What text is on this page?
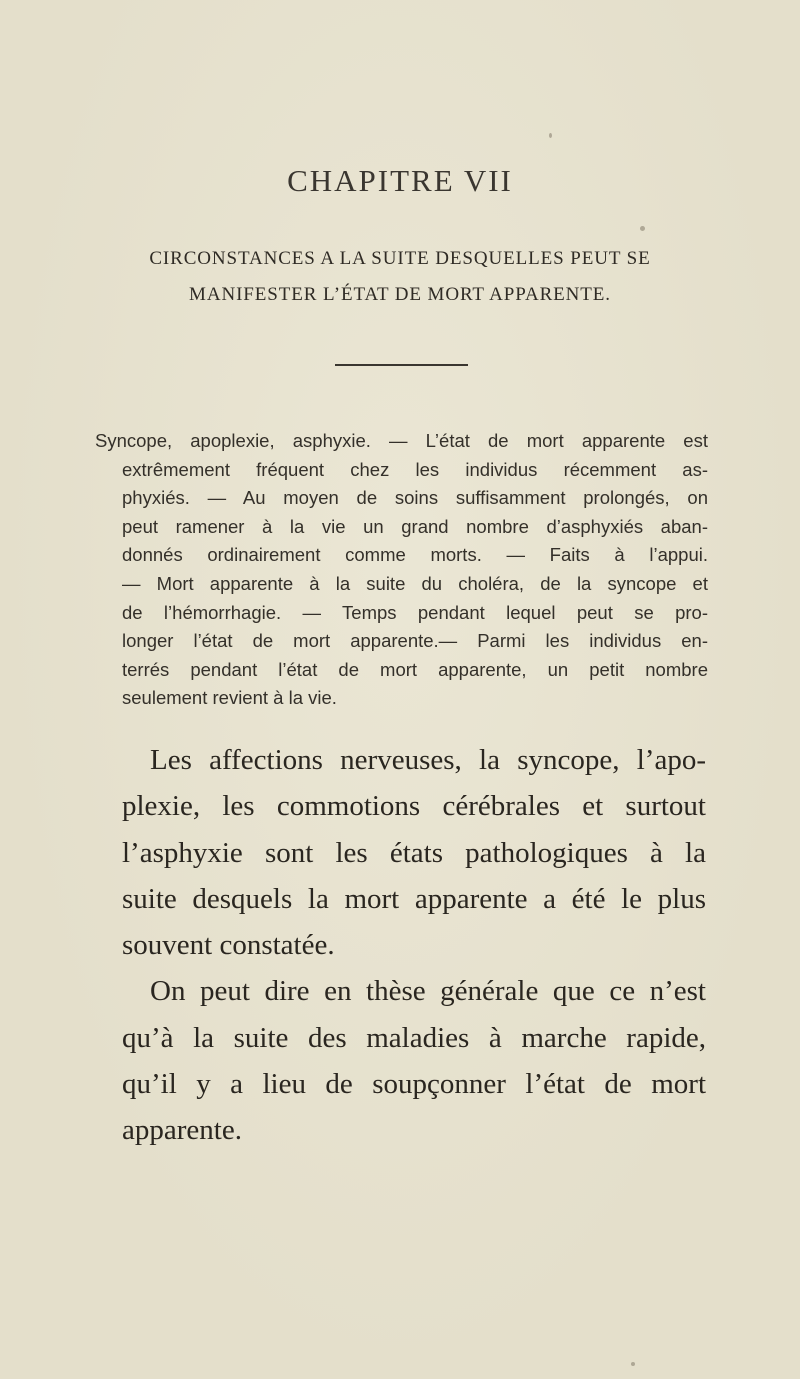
CHAPITRE VII
CIRCONSTANCES A LA SUITE DESQUELLES PEUT SE
MANIFESTER L’ÉTAT DE MORT APPARENTE.
Syncope, apoplexie, asphyxie. — L’état de mort apparente est
extrêmement fréquent chez les individus récemment as-
phyxiés. — Au moyen de soins suffisamment prolongés, on
peut ramener à la vie un grand nombre d’asphyxiés aban-
donnés ordinairement comme morts. — Faits à l’appui.
— Mort apparente à la suite du choléra, de la syncope et
de l’hémorrhagie. — Temps pendant lequel peut se pro-
longer l’état de mort apparente.— Parmi les individus en-
terrés pendant l’état de mort apparente, un petit nombre
seulement revient à la vie.
Les affections nerveuses, la syncope, l’apo-
plexie, les commotions cérébrales et surtout
l’asphyxie sont les états pathologiques à la
suite desquels la mort apparente a été le plus
souvent constatée.
On peut dire en thèse générale que ce n’est
qu’à la suite des maladies à marche rapide,
qu’il y a lieu de soupçonner l’état de mort
apparente.
